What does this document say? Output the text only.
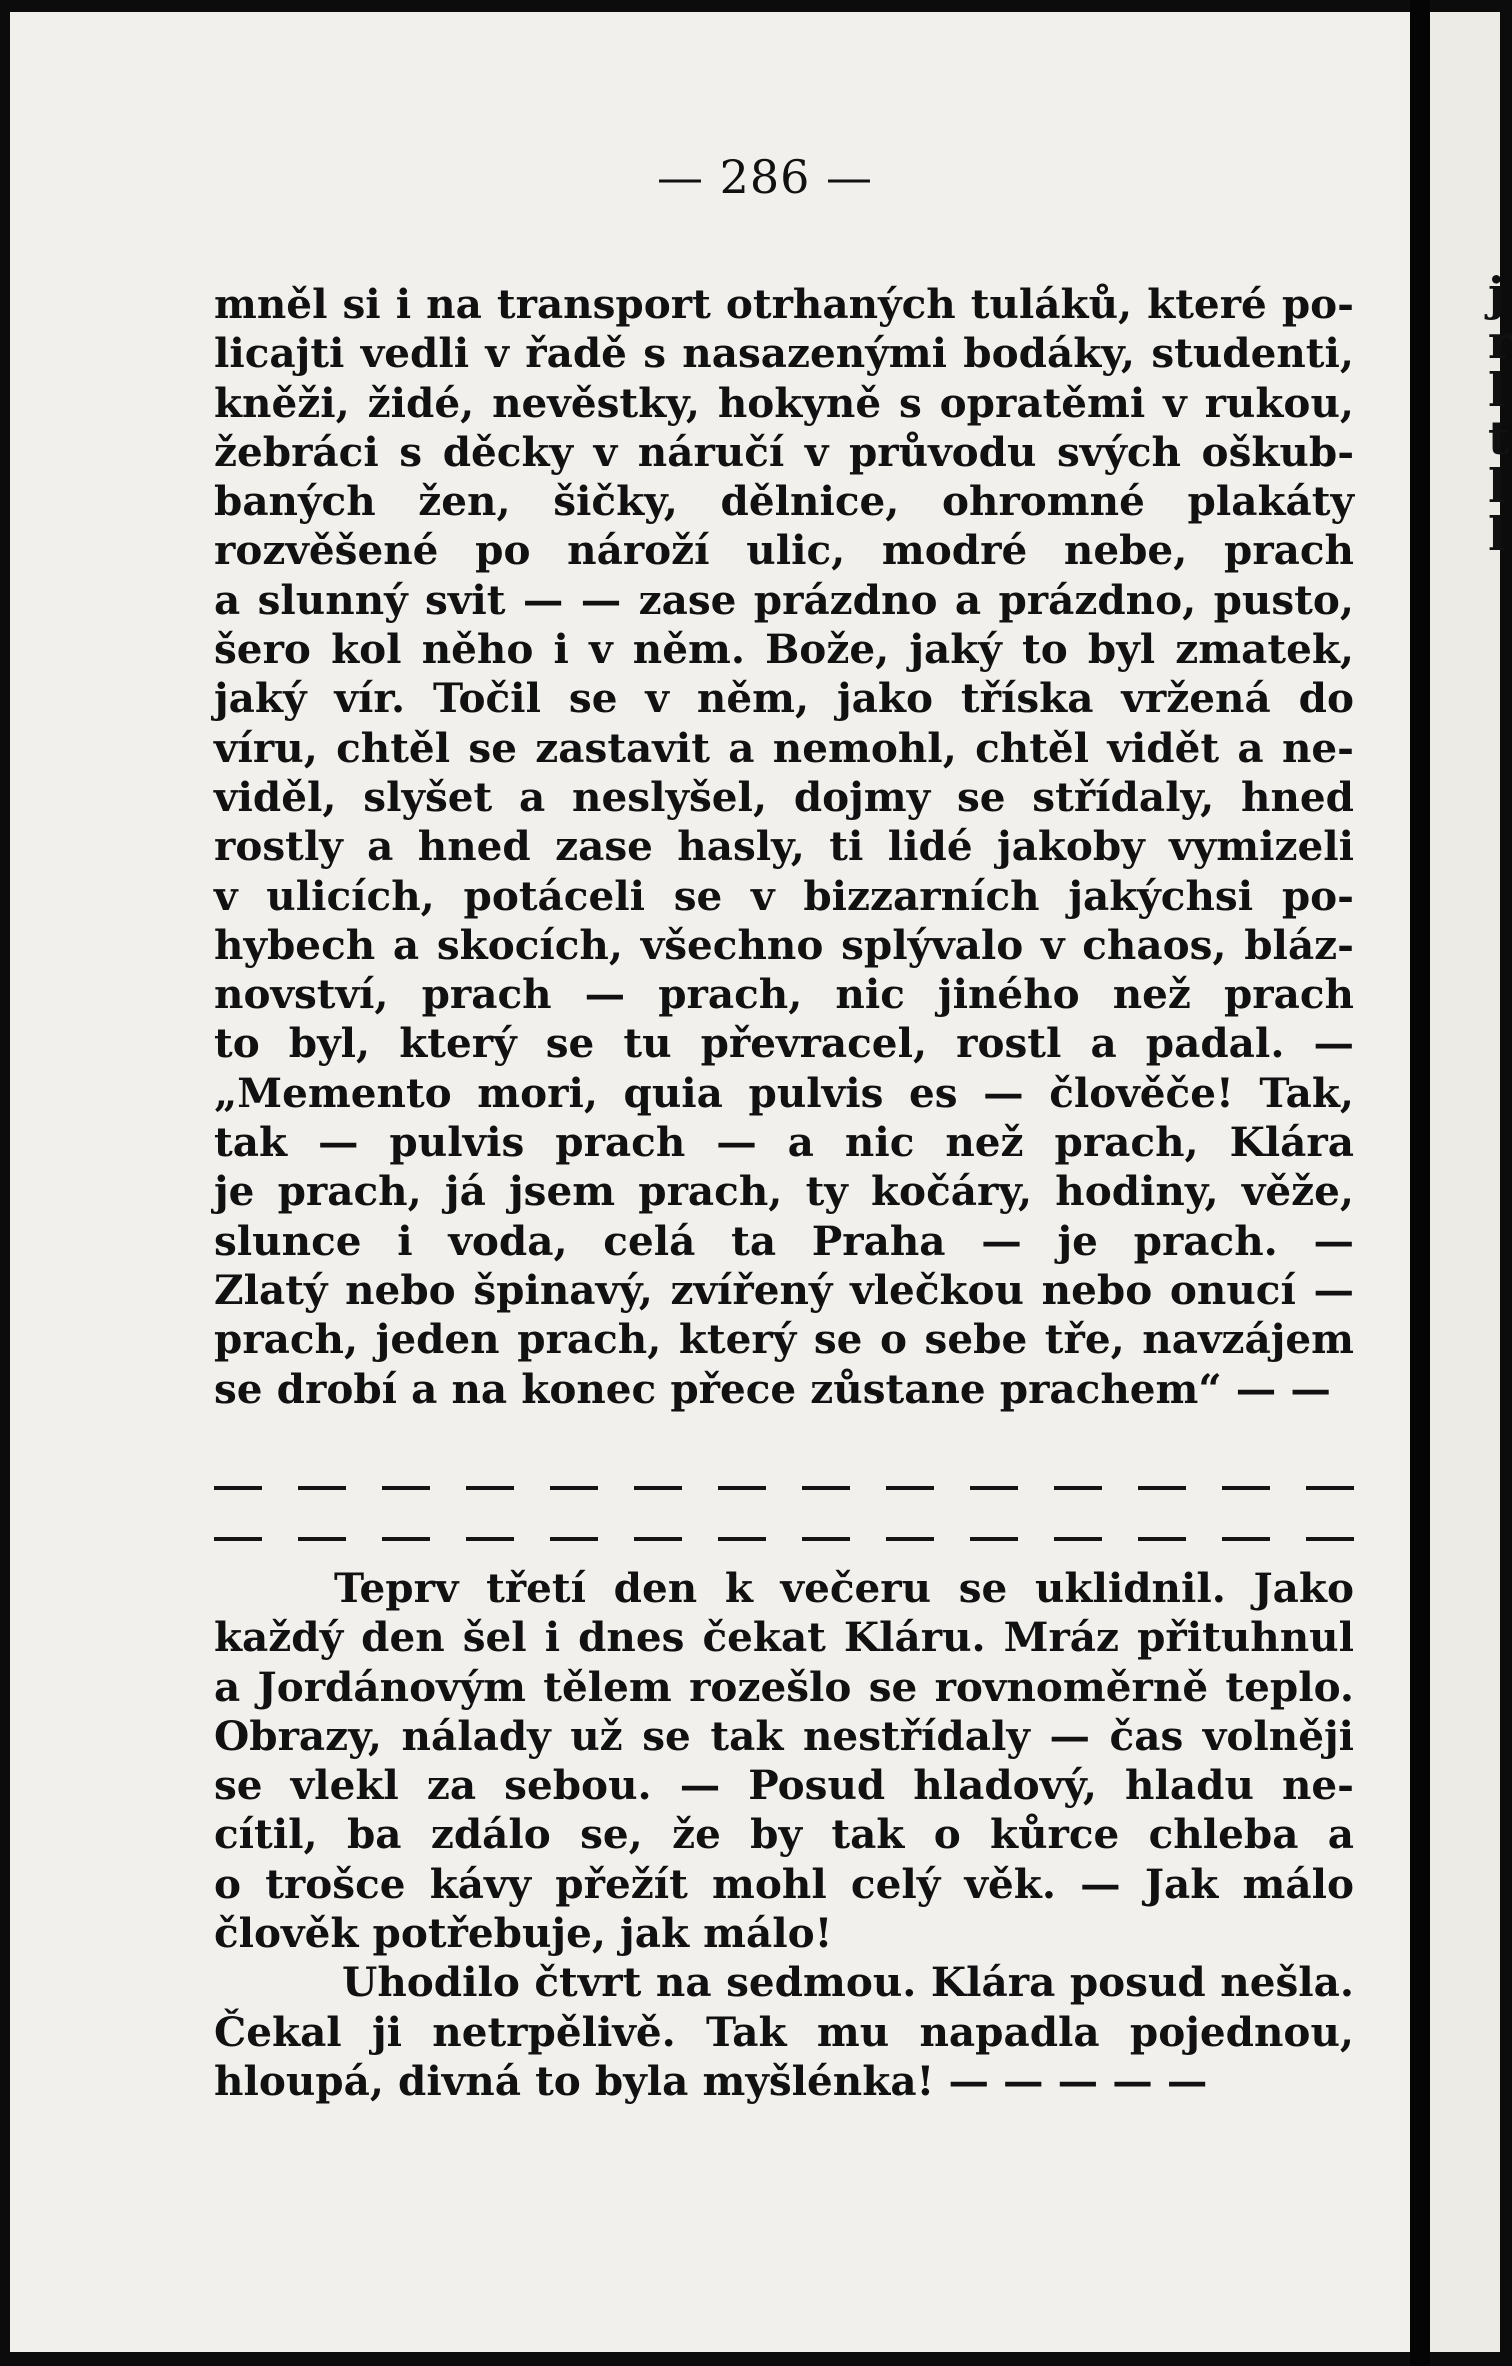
j
r
l
t
l
l
— 286 —
mněl si i na transport otrhaných tuláků, které po-
licajti vedli v řadě s nasazenými bodáky, studenti,
kněži, židé, nevěstky, hokyně s opratěmi v rukou,
žebráci s děcky v náručí v průvodu svých oškub-
baných žen, šičky, dělnice, ohromné plakáty
rozvěšené po nároží ulic, modré nebe, prach
a slunný svit — — zase prázdno a prázdno, pusto,
šero kol něho i v něm. Bože, jaký to byl zmatek,
jaký vír. Točil se v něm, jako tříska vržená do
víru, chtěl se zastavit a nemohl, chtěl vidět a ne-
viděl, slyšet a neslyšel, dojmy se střídaly, hned
rostly a hned zase hasly, ti lidé jakoby vymizeli
v ulicích, potáceli se v bizzarních jakýchsi po-
hybech a skocích, všechno splývalo v chaos, bláz-
novství, prach — prach, nic jiného než prach
to byl, který se tu převracel, rostl a padal. —
„Memento mori, quia pulvis es — člověče! Tak,
tak — pulvis prach — a nic než prach, Klára
je prach, já jsem prach, ty kočáry, hodiny, věže,
slunce i voda, celá ta Praha — je prach. —
Zlatý nebo špinavý, zvířený vlečkou nebo onucí —
prach, jeden prach, který se o sebe tře, navzájem
se drobí a na konec přece zůstane prachem“ — —
Teprv třetí den k večeru se uklidnil. Jako
každý den šel i dnes čekat Kláru. Mráz přituhnul
a Jordánovým tělem rozešlo se rovnoměrně teplo.
Obrazy, nálady už se tak nestřídaly — čas volněji
se vlekl za sebou. — Posud hladový, hladu ne-
cítil, ba zdálo se, že by tak o kůrce chleba a
o trošce kávy přežít mohl celý věk. — Jak málo
člověk potřebuje, jak málo!
Uhodilo čtvrt na sedmou. Klára posud nešla.
Čekal ji netrpělivě. Tak mu napadla pojednou,
hloupá, divná to byla myšlénka! — — — — —
